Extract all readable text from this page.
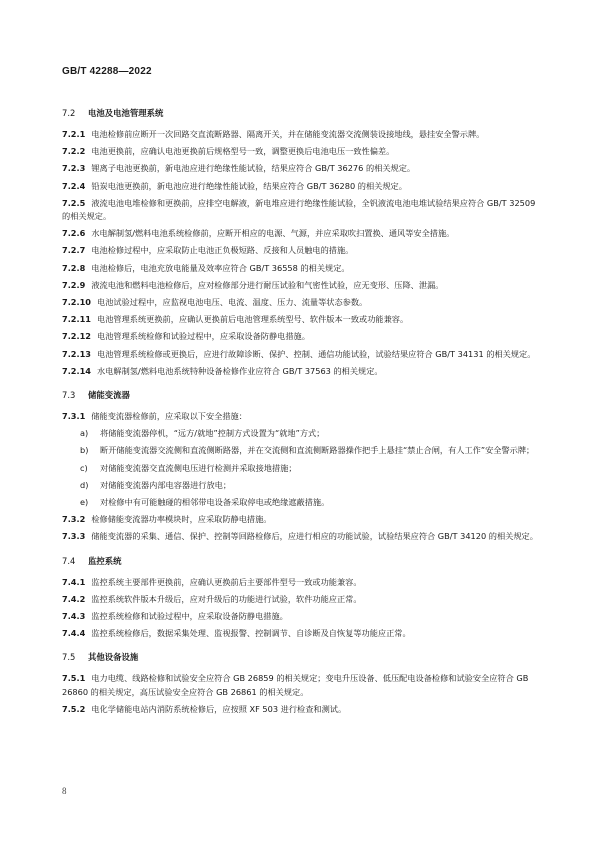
GB/T 42288—2022
7.2 电池及电池管理系统
7.2.1 电池检修前应断开一次回路交直流断路器、隔离开关，并在储能变流器交流侧装设接地线，悬挂安全警示牌。
7.2.2 电池更换前，应确认电池更换前后规格型号一致，调整更换后电池电压一致性偏差。
7.2.3 锂离子电池更换前，新电池应进行绝缘性能试验，结果应符合 GB/T 36276 的相关规定。
7.2.4 铅炭电池更换前，新电池应进行绝缘性能试验，结果应符合 GB/T 36280 的相关规定。
7.2.5 液流电池电堆检修和更换前，应排空电解液，新电堆应进行绝缘性能试验，全钒液流电池电堆试验结果应符合 GB/T 32509 的相关规定。
7.2.6 水电解制氢/燃料电池系统检修前，应断开相应的电源、气源，并应采取吹扫置换、通风等安全措施。
7.2.7 电池检修过程中，应采取防止电池正负极短路、反接和人员触电的措施。
7.2.8 电池检修后，电池充放电能量及效率应符合 GB/T 36558 的相关规定。
7.2.9 液流电池和燃料电池检修后，应对检修部分进行耐压试验和气密性试验，应无变形、压降、泄漏。
7.2.10 电池试验过程中，应监视电池电压、电流、温度、压力、流量等状态参数。
7.2.11 电池管理系统更换前，应确认更换前后电池管理系统型号、软件版本一致或功能兼容。
7.2.12 电池管理系统检修和试验过程中，应采取设备防静电措施。
7.2.13 电池管理系统检修或更换后，应进行故障诊断、保护、控制、通信功能试验，试验结果应符合 GB/T 34131 的相关规定。
7.2.14 水电解制氢/燃料电池系统特种设备检修作业应符合 GB/T 37563 的相关规定。
7.3 储能变流器
7.3.1 储能变流器检修前，应采取以下安全措施：
a)	将储能变流器停机，“远方/就地”控制方式设置为“就地”方式；
b)	断开储能变流器交流侧和直流侧断路器，并在交流侧和直流侧断路器操作把手上悬挂“禁止合闸，有人工作”安全警示牌；
c)	对储能变流器交直流侧电压进行检测并采取接地措施；
d)	对储能变流器内部电容器进行放电；
e)	对检修中有可能触碰的相邻带电设备采取停电或绝缘遮蔽措施。
7.3.2 检修储能变流器功率模块时，应采取防静电措施。
7.3.3 储能变流器的采集、通信、保护、控制等回路检修后，应进行相应的功能试验，试验结果应符合 GB/T 34120 的相关规定。
7.4 监控系统
7.4.1 监控系统主要部件更换前，应确认更换前后主要部件型号一致或功能兼容。
7.4.2 监控系统软件版本升级后，应对升级后的功能进行试验，软件功能应正常。
7.4.3 监控系统检修和试验过程中，应采取设备防静电措施。
7.4.4 监控系统检修后，数据采集处理、监视报警、控制调节、自诊断及自恢复等功能应正常。
7.5 其他设备设施
7.5.1 电力电缆、线路检修和试验安全应符合 GB 26859 的相关规定；变电升压设备、低压配电设备检修和试验安全应符合 GB 26860 的相关规定，高压试验安全应符合 GB 26861 的相关规定。
7.5.2 电化学储能电站内消防系统检修后，应按照 XF 503 进行检查和测试。
8
